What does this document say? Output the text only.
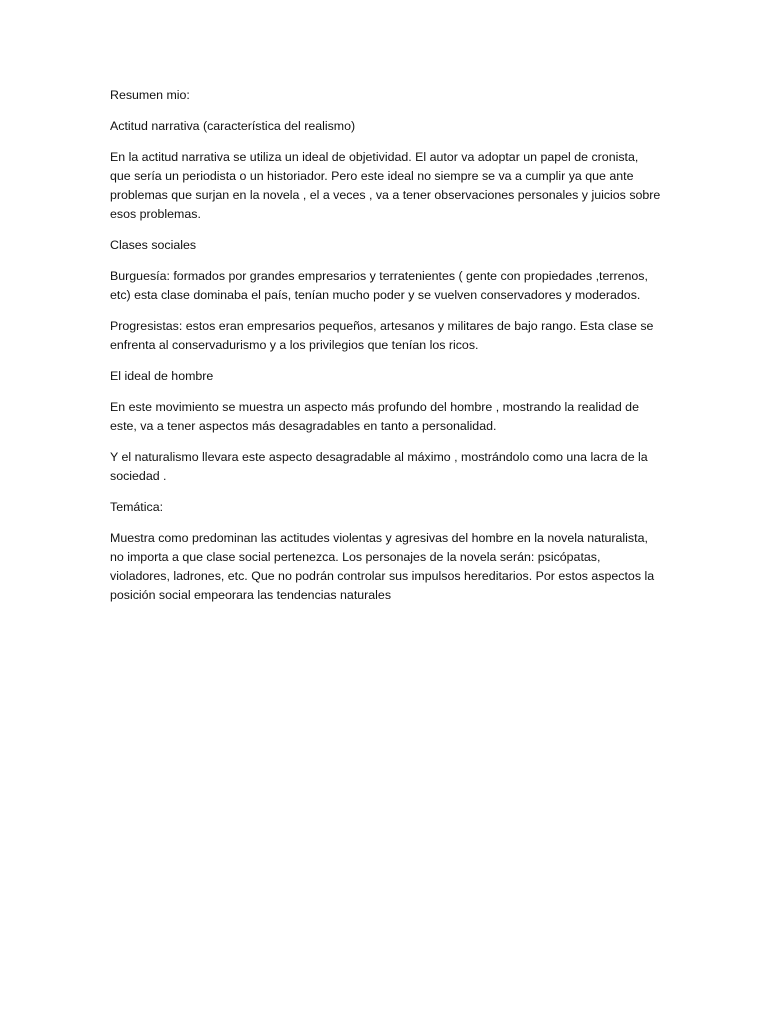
Resumen mio:

Actitud narrativa (característica del realismo)

En la actitud narrativa se utiliza un ideal de objetividad. El autor va adoptar un papel de cronista, que sería un periodista o un historiador. Pero este ideal no siempre se va a cumplir ya que ante problemas que surjan en la novela , el a veces , va a tener observaciones personales y juicios sobre esos problemas.

Clases sociales

Burguesía: formados por grandes empresarios y terratenientes ( gente con propiedades ,terrenos, etc) esta clase dominaba el país, tenían mucho poder y se vuelven conservadores y moderados.

Progresistas: estos eran empresarios pequeños, artesanos y militares de bajo rango. Esta clase se enfrenta al conservadurismo y a los privilegios que tenían los ricos.

El ideal de hombre

En este movimiento se muestra un aspecto más profundo del hombre , mostrando la realidad de este, va a tener aspectos más desagradables en tanto a personalidad.

Y el naturalismo llevara este aspecto desagradable al máximo , mostrándolo como una lacra de la sociedad .

Temática:

Muestra como predominan las actitudes violentas y agresivas del hombre en la novela naturalista, no importa a que clase social pertenezca. Los personajes de la novela serán: psicópatas, violadores, ladrones, etc. Que no podrán controlar sus impulsos hereditarios. Por estos aspectos la posición social empeorara las tendencias naturales
